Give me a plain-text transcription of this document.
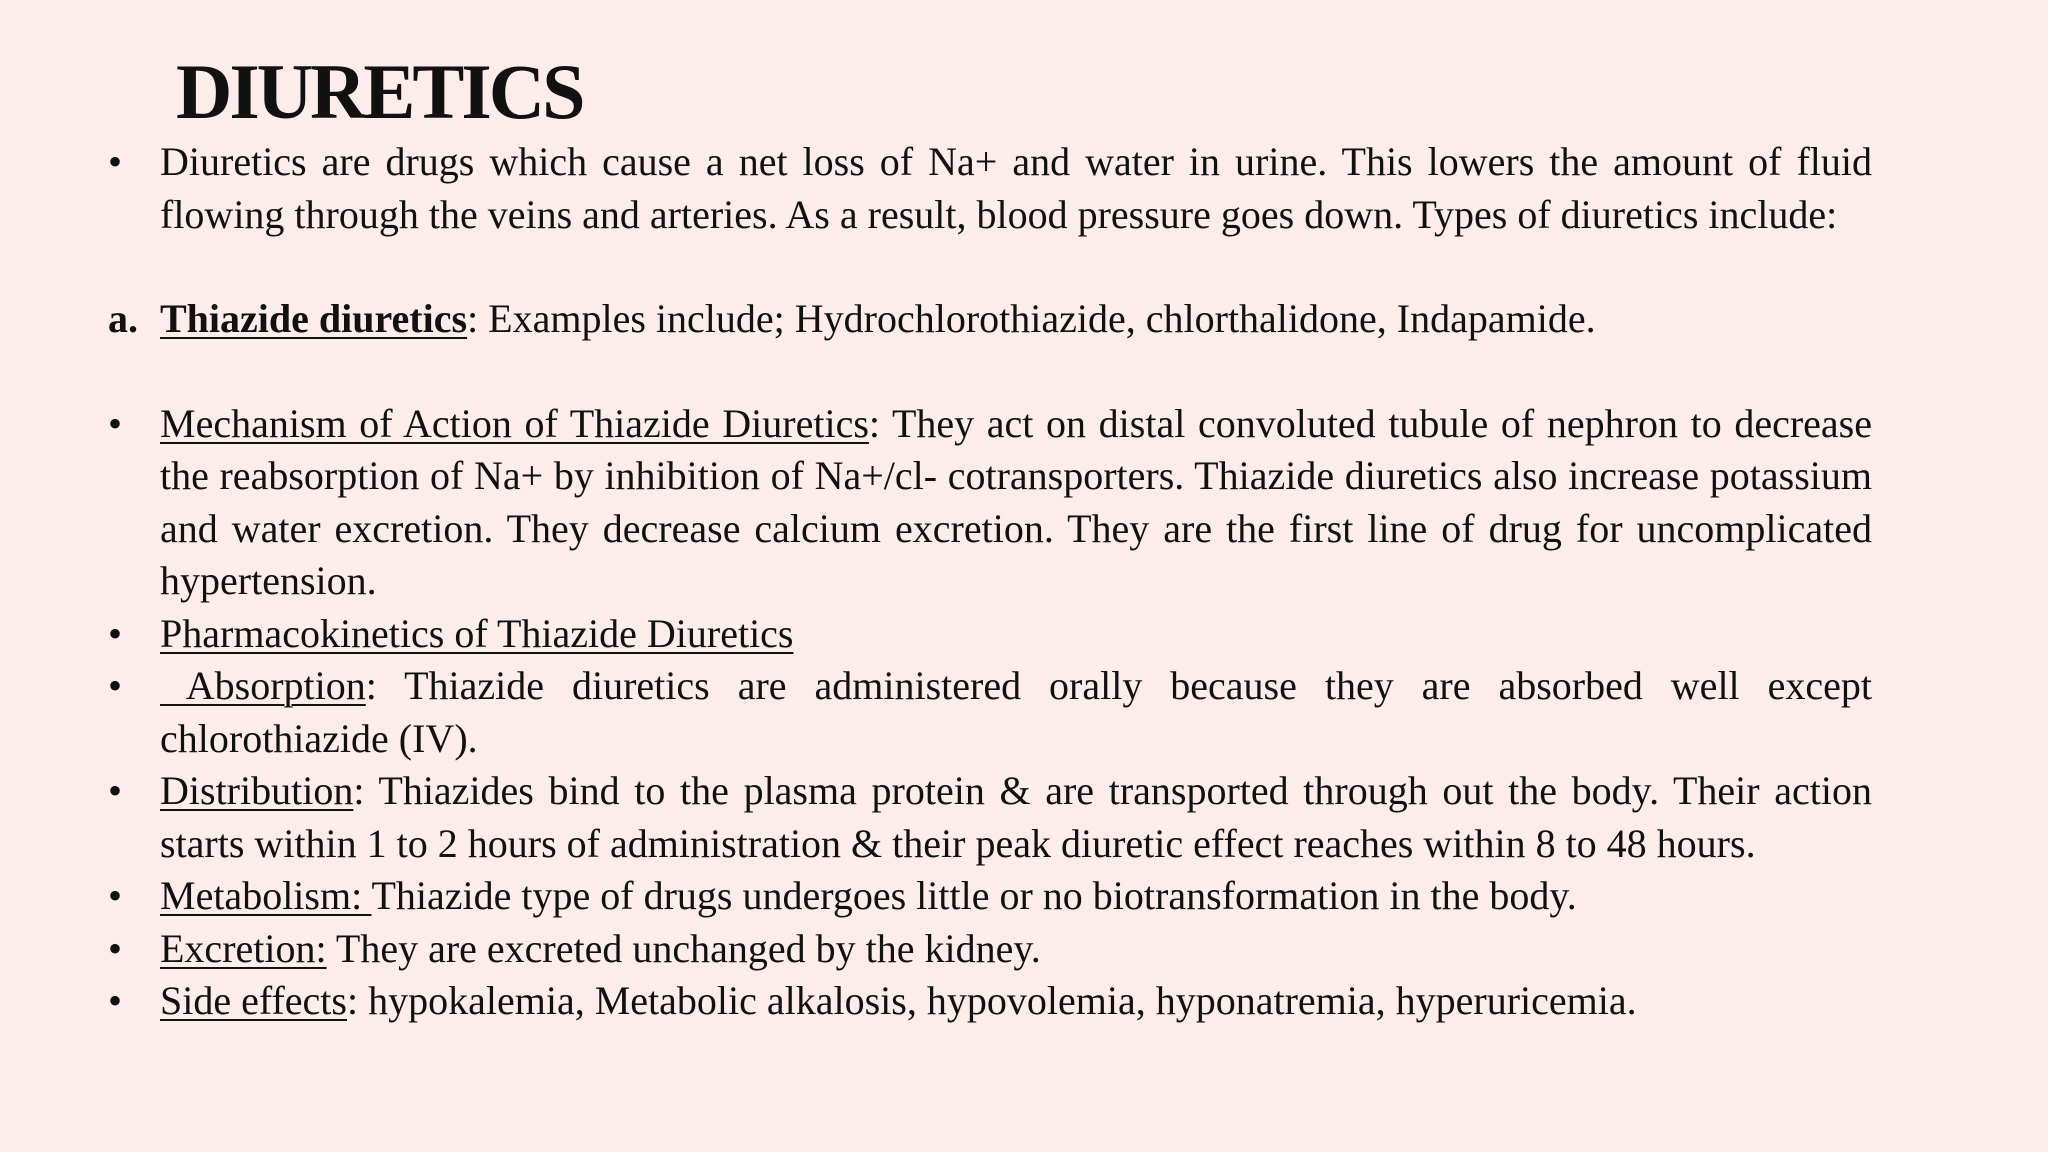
DIURETICS
• Diuretics are drugs which cause a net loss of Na+ and water in urine. This lowers the amount of fluid flowing through the veins and arteries. As a result, blood pressure goes down. Types of diuretics include:
a. Thiazide diuretics: Examples include; Hydrochlorothiazide, chlorthalidone, Indapamide.
• Mechanism of Action of Thiazide Diuretics: They act on distal convoluted tubule of nephron to decrease the reabsorption of Na+ by inhibition of Na+/cl- cotransporters. Thiazide diuretics also increase potassium and water excretion. They decrease calcium excretion. They are the first line of drug for uncomplicated hypertension.
• Pharmacokinetics of Thiazide Diuretics
• Absorption: Thiazide diuretics are administered orally because they are absorbed well except chlorothiazide (IV).
• Distribution: Thiazides bind to the plasma protein & are transported through out the body. Their action starts within 1 to 2 hours of administration & their peak diuretic effect reaches within 8 to 48 hours.
• Metabolism: Thiazide type of drugs undergoes little or no biotransformation in the body.
• Excretion: They are excreted unchanged by the kidney.
• Side effects: hypokalemia, Metabolic alkalosis, hypovolemia, hyponatremia, hyperuricemia.
